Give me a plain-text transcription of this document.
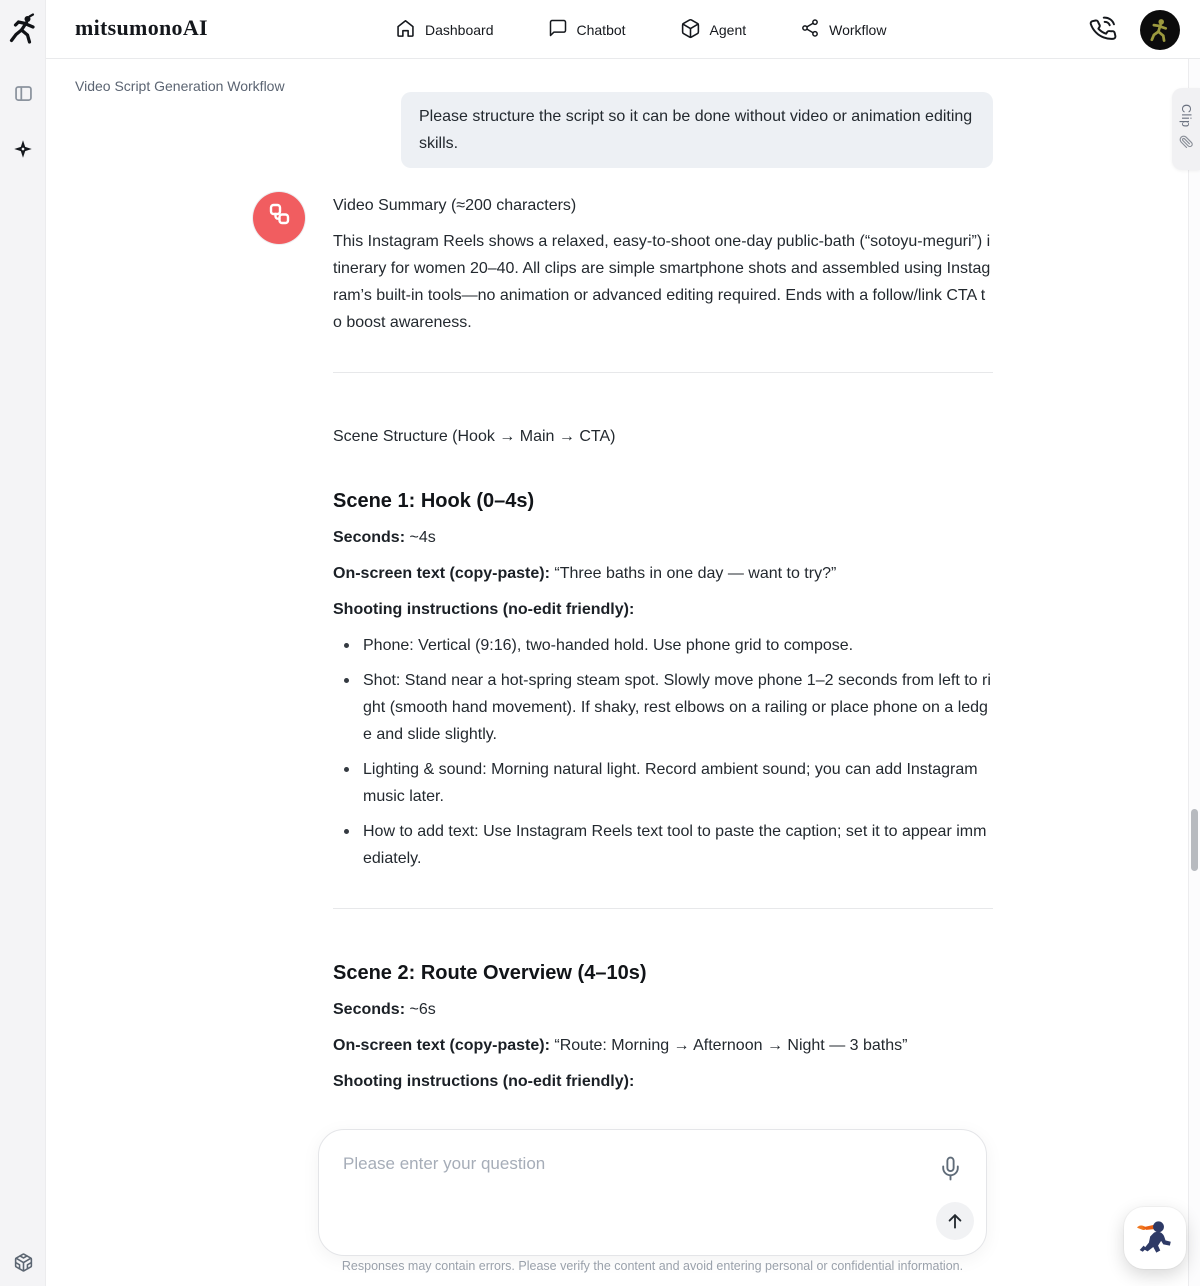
mitsumonoAI	Dashboard	Chatbot	Agent	Workflow
Video Script Generation Workflow
Please structure the script so it can be done without video or animation editing skills.

Video Summary (≈200 characters)

This Instagram Reels shows a relaxed, easy-to-shoot one-day public-bath (“sotoyu-meguri”) itinerary for women 20–40. All clips are simple smartphone shots and assembled using Instagram’s built-in tools—no animation or advanced editing required. Ends with a follow/link CTA to boost awareness.

Scene Structure (Hook → Main → CTA)

Scene 1: Hook (0–4s)

Seconds: ~4s

On-screen text (copy-paste): “Three baths in one day — want to try?”

Shooting instructions (no-edit friendly):

Phone: Vertical (9:16), two-handed hold. Use phone grid to compose.
Shot: Stand near a hot-spring steam spot. Slowly move phone 1–2 seconds from left to right (smooth hand movement). If shaky, rest elbows on a railing or place phone on a ledge and slide slightly.
Lighting & sound: Morning natural light. Record ambient sound; you can add Instagram music later.
How to add text: Use Instagram Reels text tool to paste the caption; set it to appear immediately.
Scene 2: Route Overview (4–10s)

Seconds: ~6s

On-screen text (copy-paste): “Route: Morning → Afternoon → Night — 3 baths”

Shooting instructions (no-edit friendly):

Please enter your question
Responses may contain errors. Please verify the content and avoid entering personal or confidential information.
Clip
